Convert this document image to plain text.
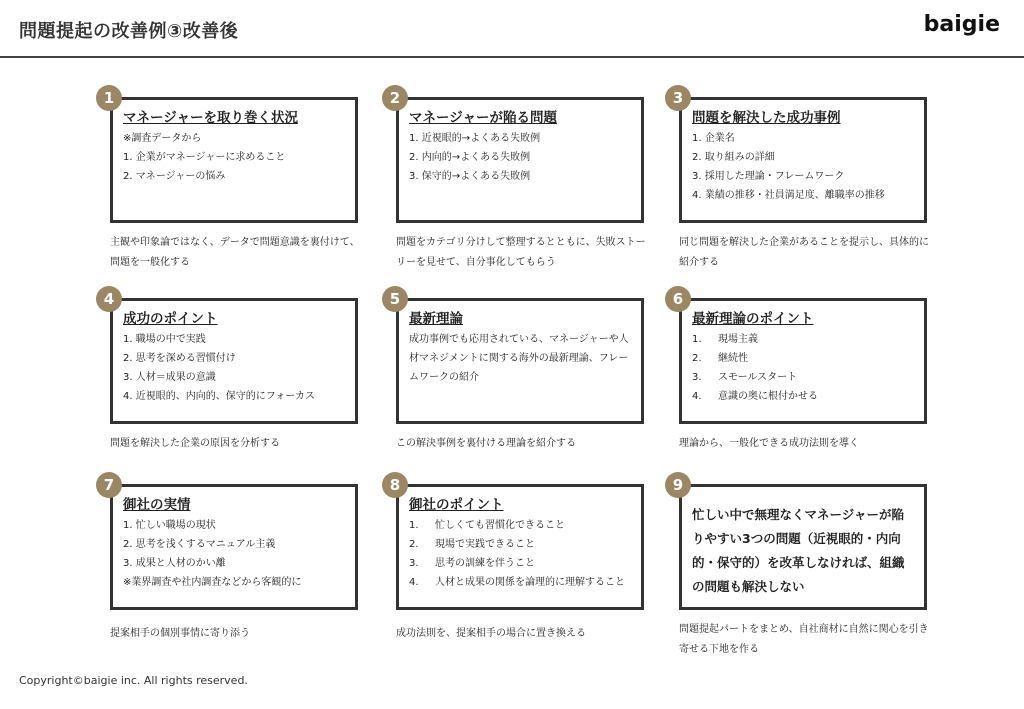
問題提起の改善例③改善後	baigie
1
マネージャーを取り巻く状況
※調査データから
1. 企業がマネージャーに求めること
2. マネージャーの悩み
主観や印象論ではなく、データで問題意識を裏付けて、問題を一般化する
2
マネージャーが陥る問題
1. 近視眼的→よくある失敗例
2. 内向的→よくある失敗例
3. 保守的→よくある失敗例
問題をカテゴリ分けして整理するとともに、失敗ストーリーを見せて、自分事化してもらう
3
問題を解決した成功事例
1. 企業名
2. 取り組みの詳細
3. 採用した理論・フレームワーク
4. 業績の推移・社員満足度、離職率の推移
同じ問題を解決した企業があることを提示し、具体的に紹介する
4
成功のポイント
1. 職場の中で実践
2. 思考を深める習慣付け
3. 人材＝成果の意識
4. 近視眼的、内向的、保守的にフォーカス
問題を解決した企業の原因を分析する
5
最新理論
成功事例でも応用されている、マネージャーや人材マネジメントに関する海外の最新理論、フレームワークの紹介
この解決事例を裏付ける理論を紹介する
6
最新理論のポイント
1. 現場主義
2. 継続性
3. スモールスタート
4. 意識の奥に根付かせる
理論から、一般化できる成功法則を導く
7
御社の実情
1. 忙しい職場の現状
2. 思考を浅くするマニュアル主義
3. 成果と人材のかい離
※業界調査や社内調査などから客観的に
提案相手の個別事情に寄り添う
8
御社のポイント
1. 忙しくても習慣化できること
2. 現場で実践できること
3. 思考の訓練を伴うこと
4. 人材と成果の関係を論理的に理解すること
成功法則を、提案相手の場合に置き換える
9
忙しい中で無理なくマネージャーが陥りやすい3つの問題（近視眼的・内向的・保守的）を改革しなければ、組織の問題も解決しない
問題提起パートをまとめ、自社商材に自然に関心を引き寄せる下地を作る
Copyright©baigie inc. All rights reserved.
